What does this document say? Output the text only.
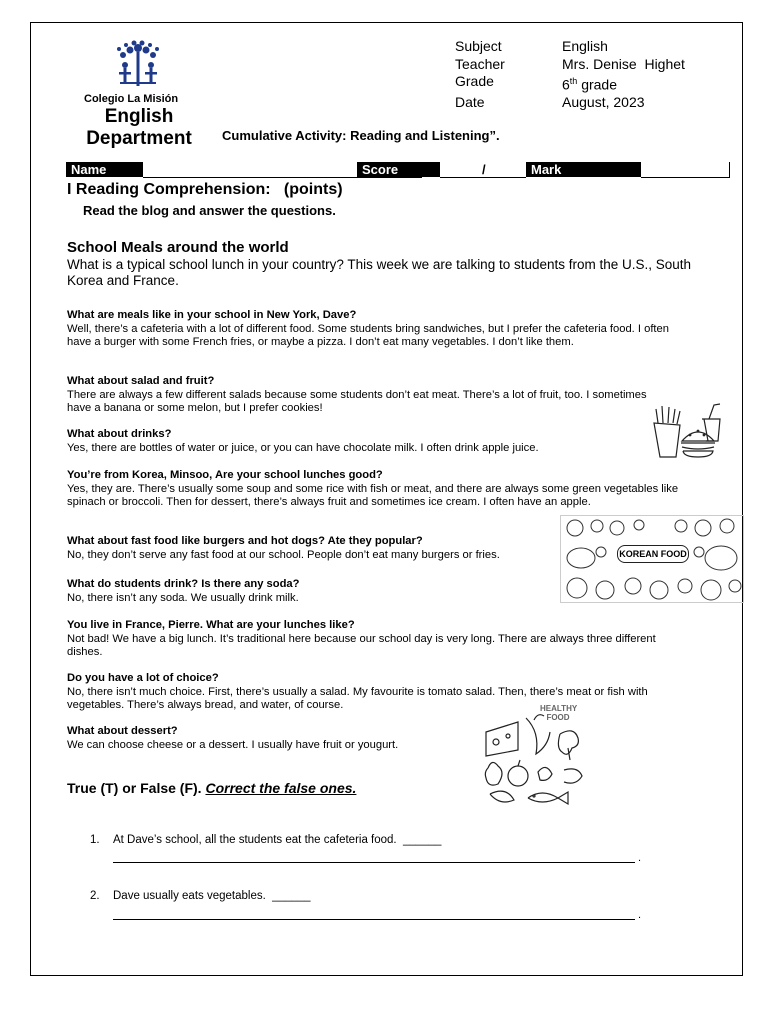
Colegio La Misión
English Department
Subject	English
Teacher	Mrs. Denise  Highet
Grade	6th grade
Date	August, 2023
Cumulative Activity: Reading and Listening”.
Name	Score	/	Mark
I Reading Comprehension:   (points)
Read the blog and answer the questions.
School Meals around the world
What is a typical school lunch in your country? This week we are talking to students from the U.S., South Korea and France.
What are meals like in your school in New York, Dave?
Well, there’s a cafeteria with a lot of different food. Some students bring sandwiches, but I prefer the cafeteria food. I often have a burger with some French fries, or maybe a pizza. I don’t eat many vegetables. I don’t like them.
What about salad and fruit?
There are always a few different salads because some students don’t eat meat. There’s a lot of fruit, too. I sometimes have a banana or some melon, but I prefer cookies!
What about drinks?
Yes, there are bottles of water or juice, or you can have chocolate milk. I often drink apple juice.
You’re from Korea, Minsoo, Are your school lunches good?
Yes, they are. There’s usually some soup and some rice with fish or meat, and there are always some green vegetables like spinach or broccoli. Then for dessert, there’s always fruit and sometimes ice cream. I often have an apple.
What about fast food like burgers and hot dogs? Ate they popular?
No, they don’t serve any fast food at our school. People don’t eat many burgers or fries.
What do students drink? Is there any soda?
No, there isn’t any soda. We usually drink milk.
You live in France, Pierre. What are your lunches like?
Not bad! We have a big lunch. It’s traditional here because our school day is very long. There are always three different dishes.
Do you have a lot of choice?
No, there isn’t much choice. First, there’s usually a salad. My favourite is tomato salad. Then, there’s meat or fish with vegetables. There’s always bread, and water, of course.
What about dessert?
We can choose cheese or a dessert. I usually have fruit or yougurt.
KOREAN FOOD
HEALTHY FOOD
True (T) or False (F). Correct the false ones.
1. At Dave’s school, all the students eat the cafeteria food.  ______
.
2. Dave usually eats vegetables.  ______
.
